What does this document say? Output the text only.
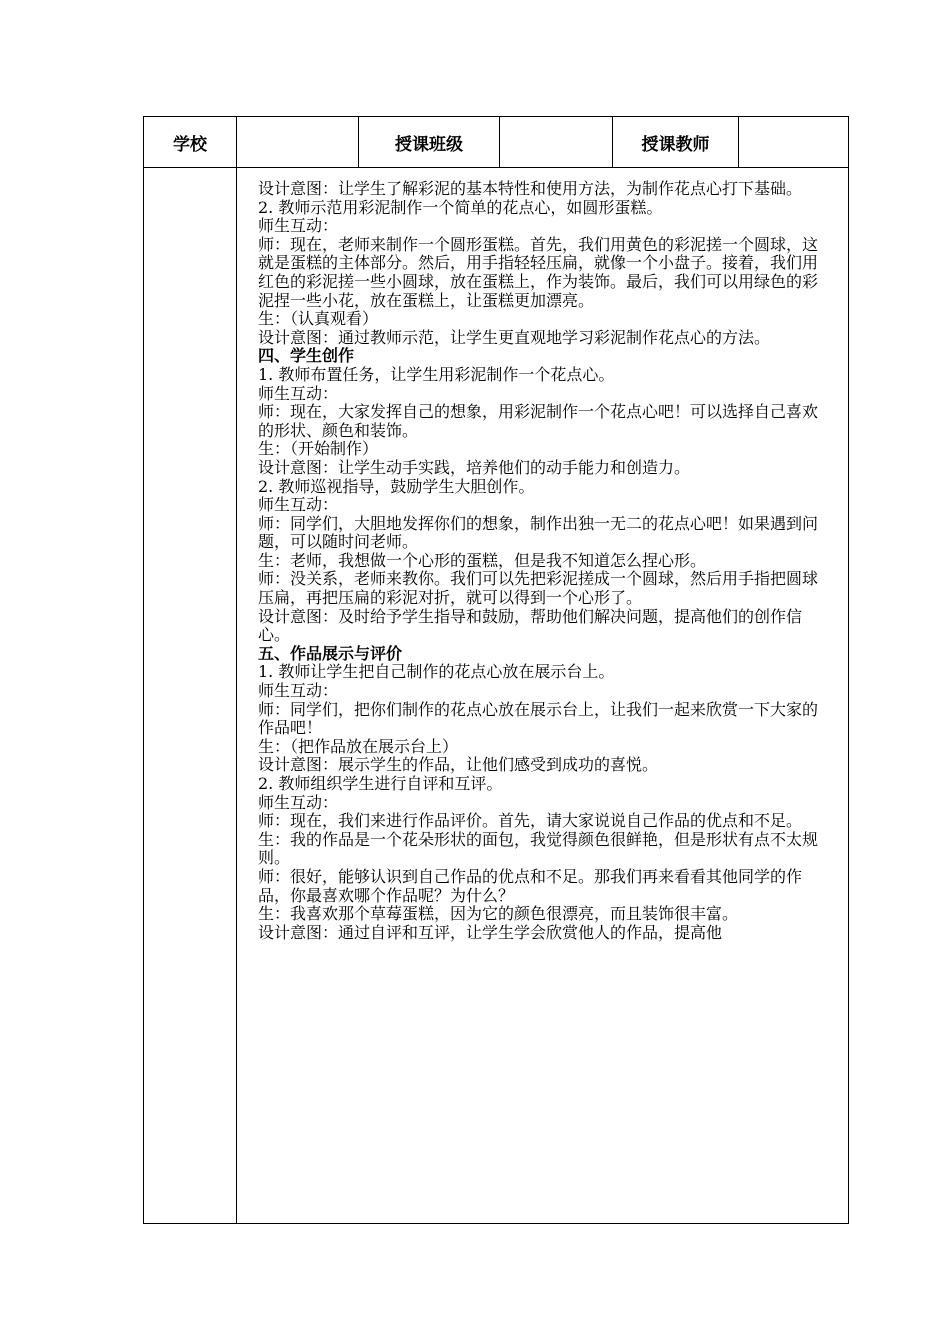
学校	授课班级	授课教师

设计意图：让学生了解彩泥的基本特性和使用方法，为制作花点心打下基础。

2. 教师示范用彩泥制作一个简单的花点心，如圆形蛋糕。

师生互动：

师：现在，老师来制作一个圆形蛋糕。首先，我们用黄色的彩泥搓一个圆球，这就是蛋糕的主体部分。然后，用手指轻轻压扁，就像一个小盘子。接着，我们用红色的彩泥搓一些小圆球，放在蛋糕上，作为装饰。最后，我们可以用绿色的彩泥捏一些小花，放在蛋糕上，让蛋糕更加漂亮。

生：（认真观看）

设计意图：通过教师示范，让学生更直观地学习彩泥制作花点心的方法。

四、学生创作

1. 教师布置任务，让学生用彩泥制作一个花点心。

师生互动：

师：现在，大家发挥自己的想象，用彩泥制作一个花点心吧！可以选择自己喜欢的形状、颜色和装饰。

生：（开始制作）

设计意图：让学生动手实践，培养他们的动手能力和创造力。

2. 教师巡视指导，鼓励学生大胆创作。

师生互动：

师：同学们，大胆地发挥你们的想象，制作出独一无二的花点心吧！如果遇到问题，可以随时问老师。

生：老师，我想做一个心形的蛋糕，但是我不知道怎么捏心形。

师：没关系，老师来教你。我们可以先把彩泥搓成一个圆球，然后用手指把圆球压扁，再把压扁的彩泥对折，就可以得到一个心形了。

设计意图：及时给予学生指导和鼓励，帮助他们解决问题，提高他们的创作信心。

五、作品展示与评价

1. 教师让学生把自己制作的花点心放在展示台上。

师生互动：

师：同学们，把你们制作的花点心放在展示台上，让我们一起来欣赏一下大家的作品吧！

生：（把作品放在展示台上）

设计意图：展示学生的作品，让他们感受到成功的喜悦。

2. 教师组织学生进行自评和互评。

师生互动：

师：现在，我们来进行作品评价。首先，请大家说说自己作品的优点和不足。

生：我的作品是一个花朵形状的面包，我觉得颜色很鲜艳，但是形状有点不太规则。

师：很好，能够认识到自己作品的优点和不足。那我们再来看看其他同学的作品，你最喜欢哪个作品呢？为什么？

生：我喜欢那个草莓蛋糕，因为它的颜色很漂亮，而且装饰很丰富。

设计意图：通过自评和互评，让学生学会欣赏他人的作品，提高他
